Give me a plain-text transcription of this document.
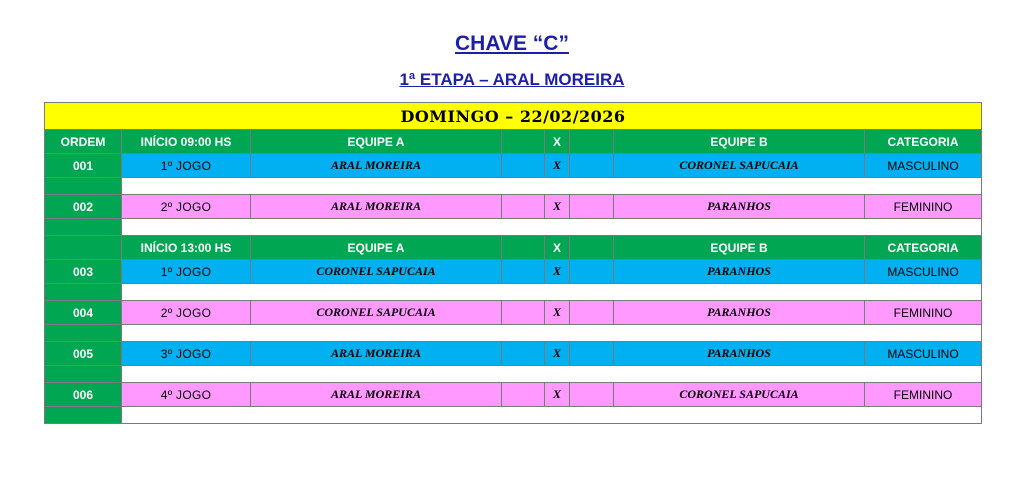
CHAVE “C”
1ª ETAPA – ARAL MOREIRA
DOMINGO – 22/02/2026							
ORDEM	INÍCIO 09:00 HS	EQUIPE A		X		EQUIPE B	CATEGORIA
001	1º JOGO	ARAL MOREIRA		X		CORONEL SAPUCAIA	MASCULINO

002	2º JOGO	ARAL MOREIRA		X		PARANHOS	FEMININO

	INÍCIO 13:00 HS	EQUIPE A		X		EQUIPE B	CATEGORIA
003	1º JOGO	CORONEL SAPUCAIA		X		PARANHOS	MASCULINO

004	2º JOGO	CORONEL SAPUCAIA		X		PARANHOS	FEMININO

005	3º JOGO	ARAL MOREIRA		X		PARANHOS	MASCULINO

006	4º JOGO	ARAL MOREIRA		X		CORONEL SAPUCAIA	FEMININO
